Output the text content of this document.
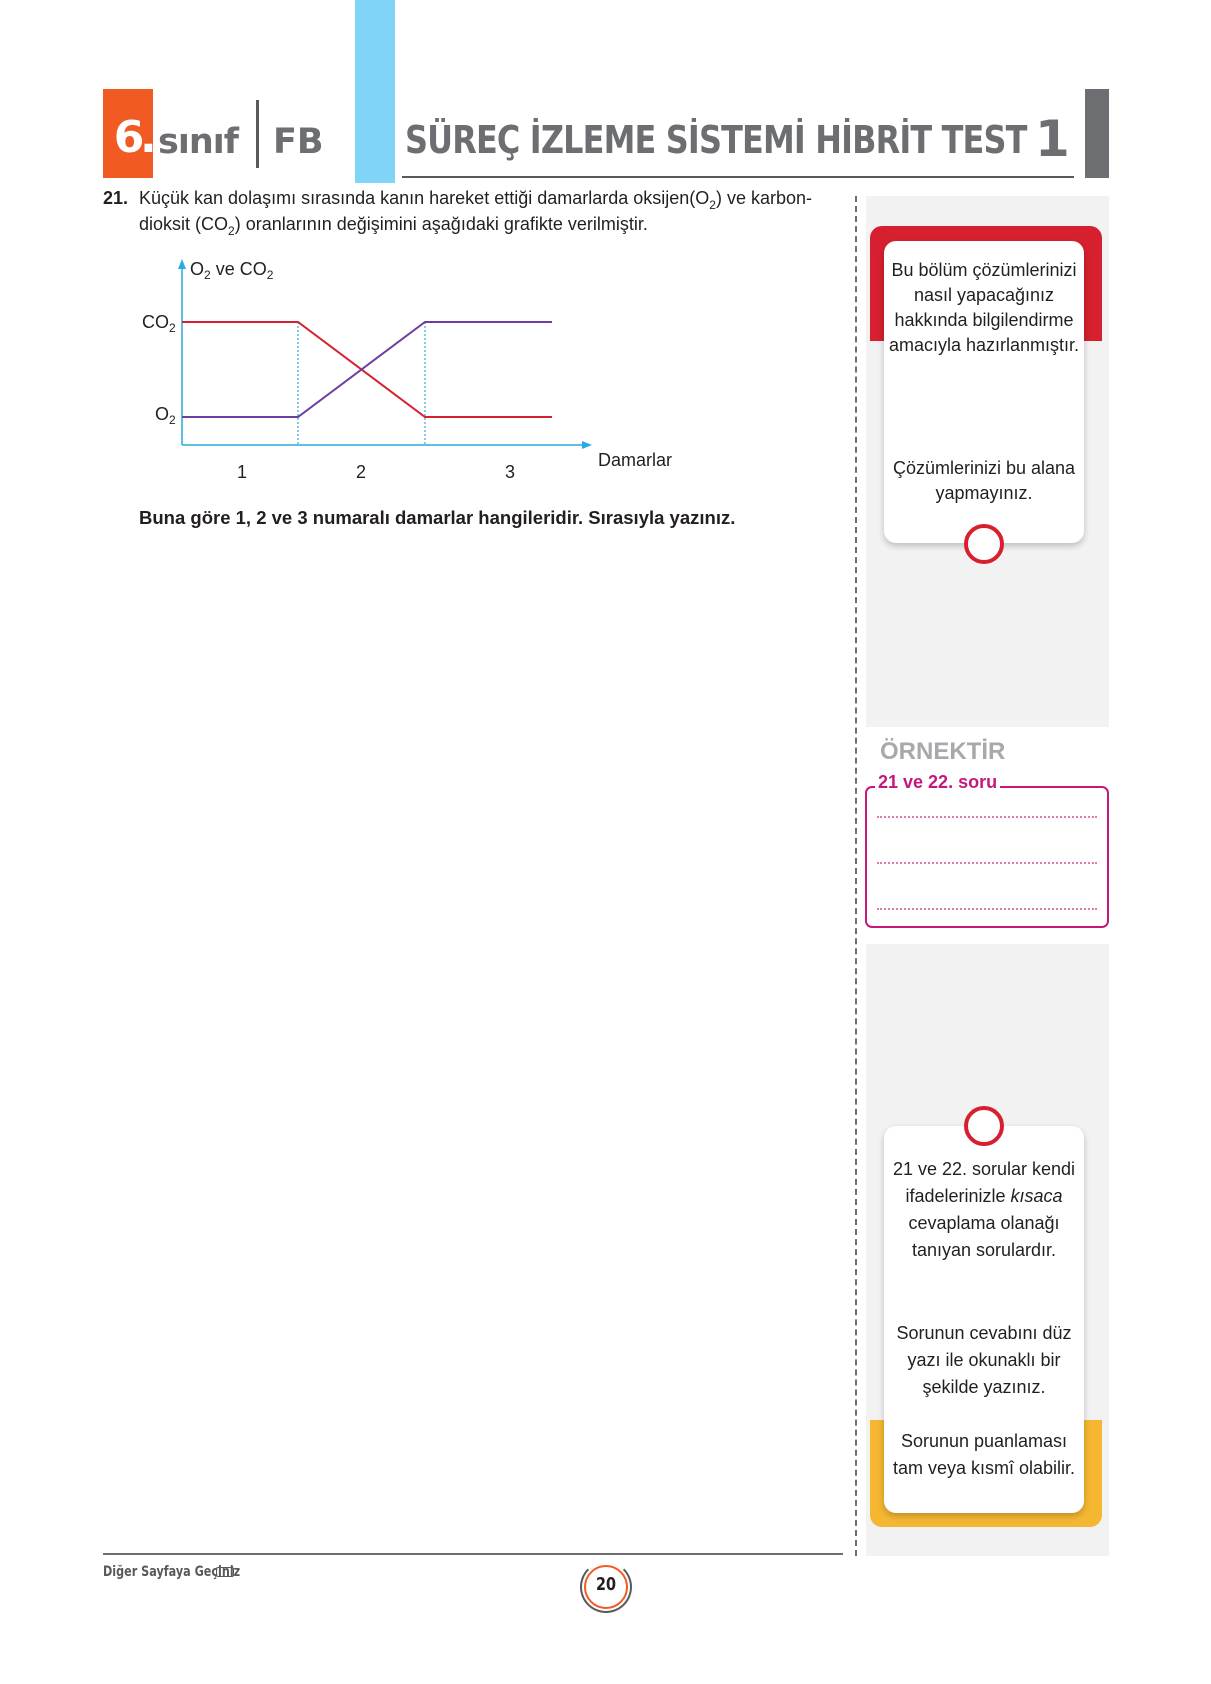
6
. sınıf FB SÜREÇ İZLEME SİSTEMİ HİBRİT TEST 1
21. Küçük kan dolaşımı sırasında kanın hareket ettiği damarlarda $oksijen(O_2)$ ve karbon-
dioksit $(CO_2)$ oranlarının değişimini aşağıdaki grafikte verilmiştir.
$O_2$ ve $CO_2$
$CO_2$
$O_2$
1	2	3
Damarlar
Buna göre 1, 2 ve 3 numaralı damarlar hangileridir. Sırasıyla yazınız.
Bu bölüm çözümlerinizi nasıl yapacağınız hakkında bilgilendirme amacıyla hazırlanmıştır.
Çözümlerinizi bu alana yapmayınız.
ÖRNEKTİR
21 ve 22. soru
21 ve 22. sorular kendi ifadelerinizle kısaca cevaplama olanağı tanıyan sorulardır.
Sorunun cevabını düz yazı ile okunaklı bir şekilde yazınız.
Sorunun puanlaması tam veya kısmî olabilir.
Diğer Sayfaya Geçiniz
20
